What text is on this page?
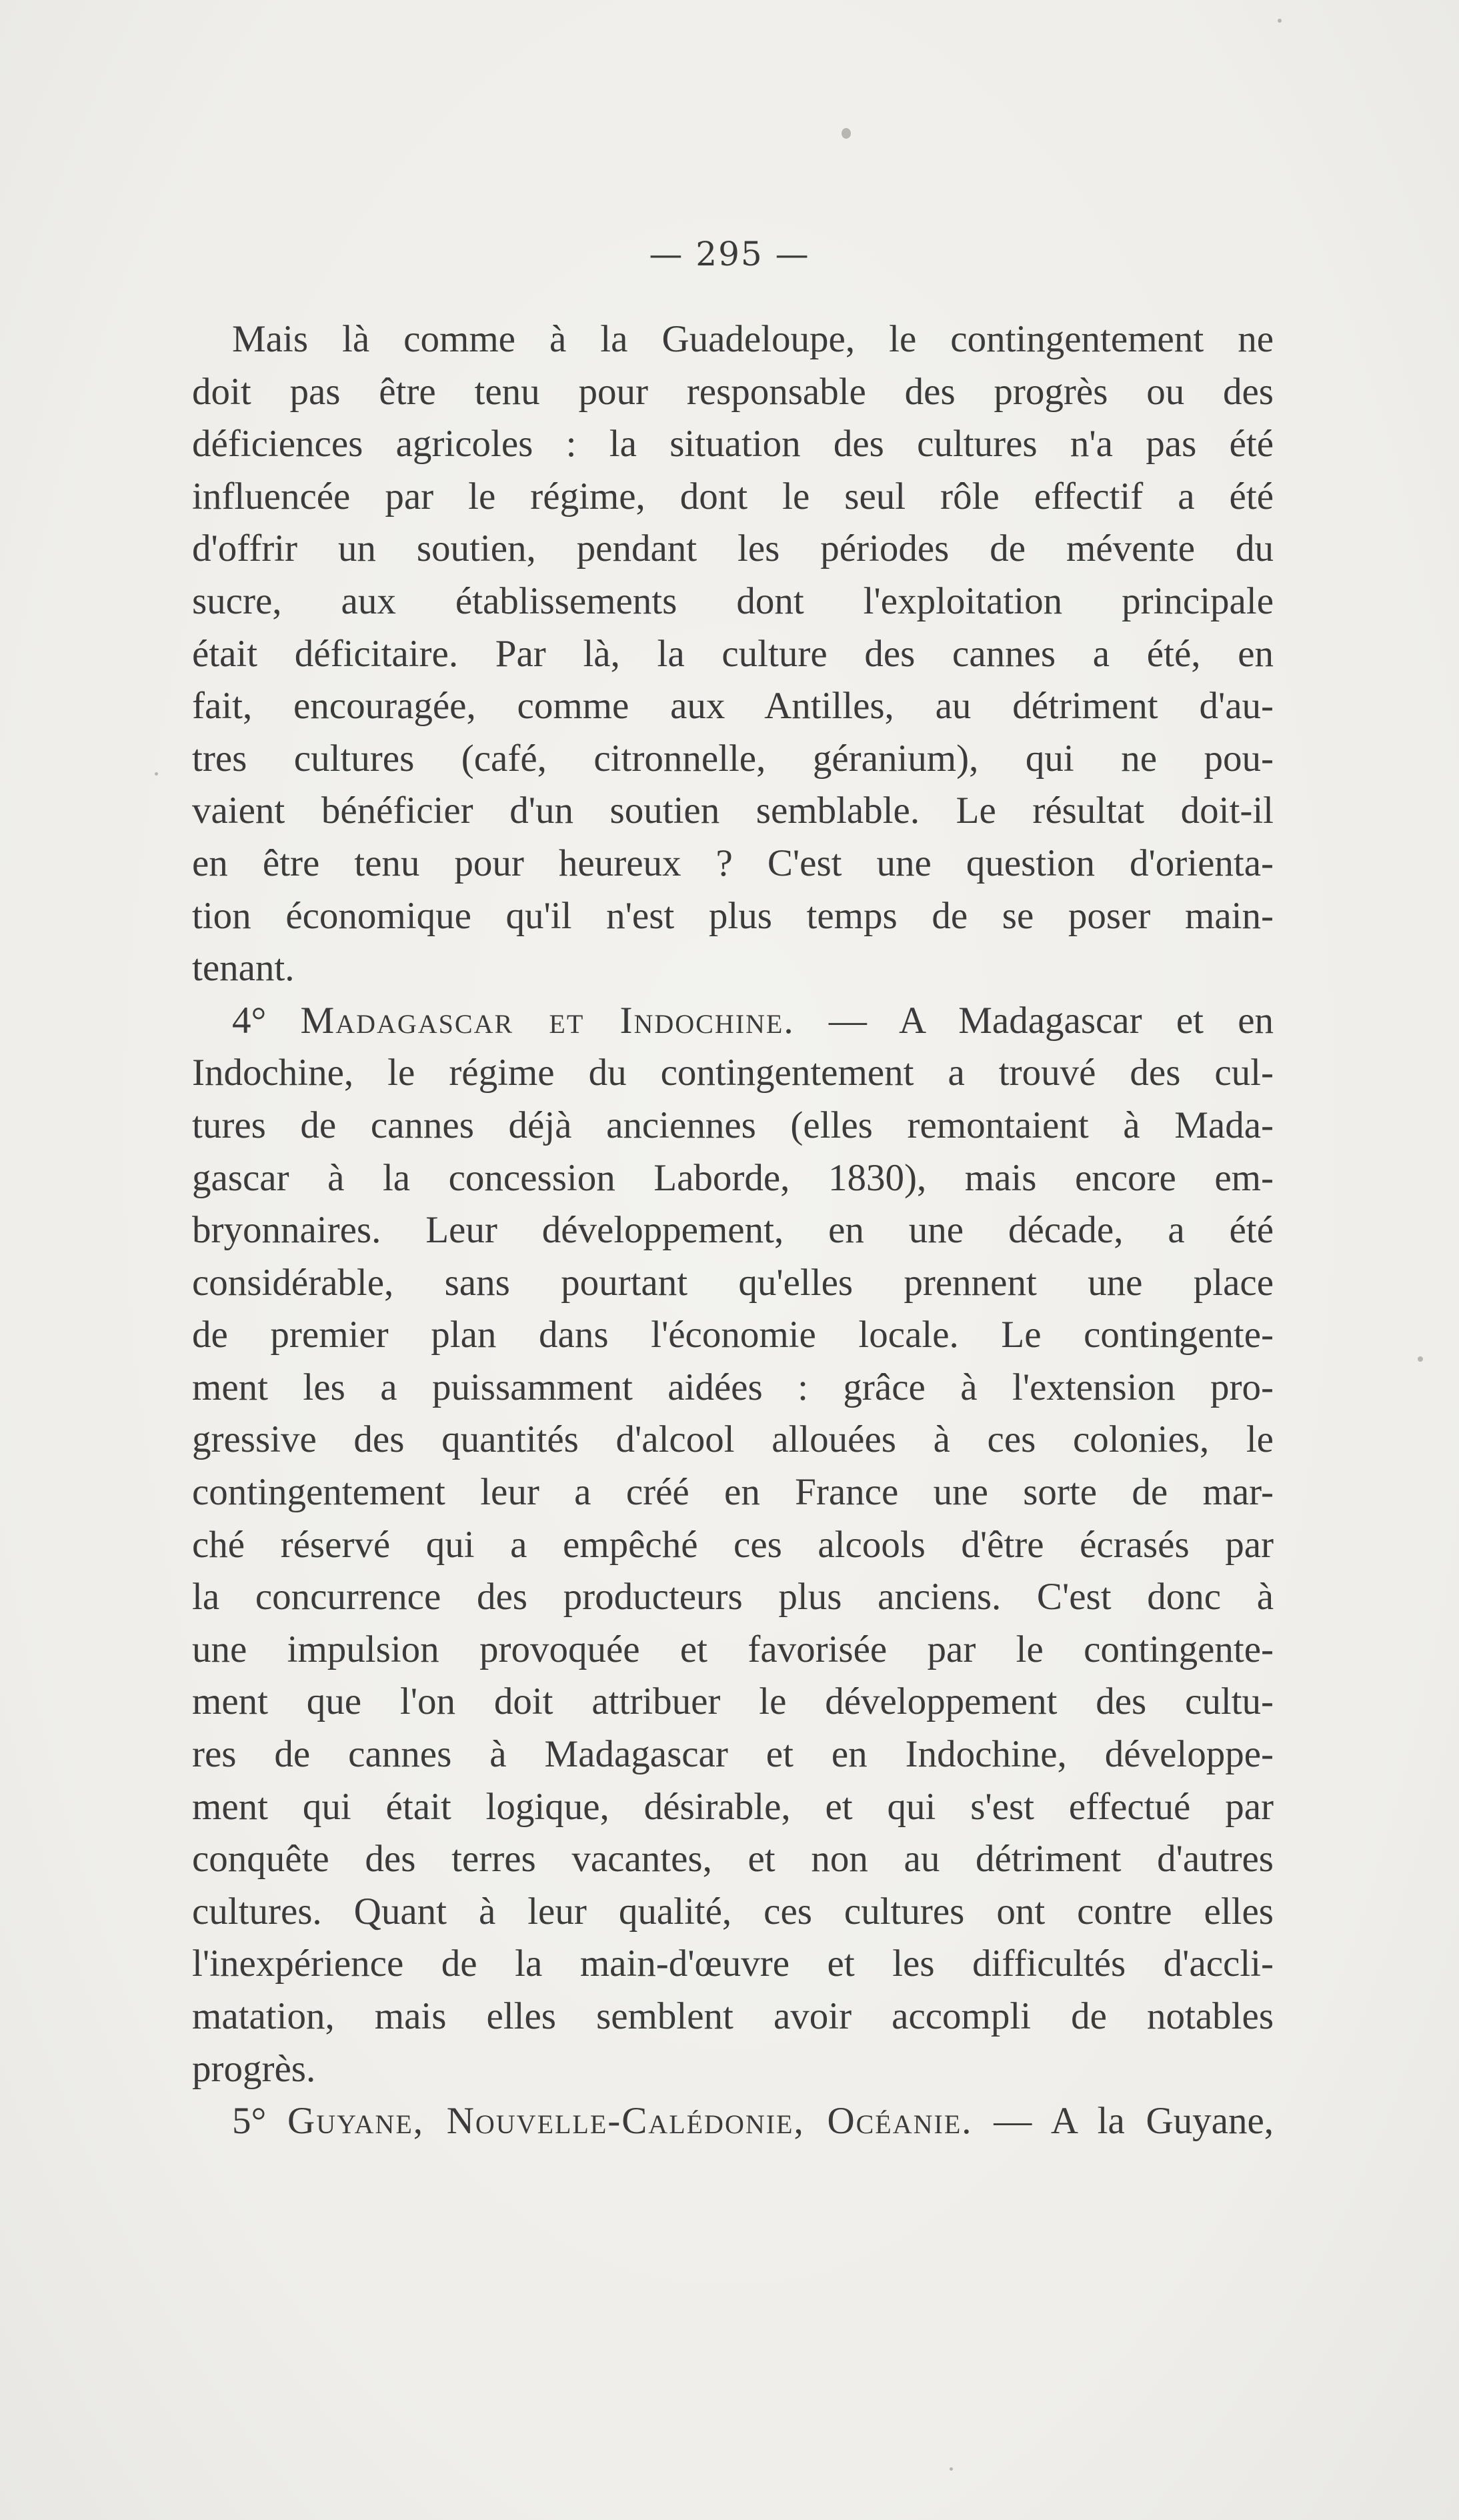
— 295 —
Mais là comme à la Guadeloupe, le contingentement ne
doit pas être tenu pour responsable des progrès ou des
déficiences agricoles : la situation des cultures n'a pas été
influencée par le régime, dont le seul rôle effectif a été
d'offrir un soutien, pendant les périodes de mévente du
sucre, aux établissements dont l'exploitation principale
était déficitaire. Par là, la culture des cannes a été, en
fait, encouragée, comme aux Antilles, au détriment d'au-
tres cultures (café, citronnelle, géranium), qui ne pou-
vaient bénéficier d'un soutien semblable. Le résultat doit-il
en être tenu pour heureux ? C'est une question d'orienta-
tion économique qu'il n'est plus temps de se poser main-
tenant.
4° Madagascar et Indochine. — A Madagascar et en
Indochine, le régime du contingentement a trouvé des cul-
tures de cannes déjà anciennes (elles remontaient à Mada-
gascar à la concession Laborde, 1830), mais encore em-
bryonnaires. Leur développement, en une décade, a été
considérable, sans pourtant qu'elles prennent une place
de premier plan dans l'économie locale. Le contingente-
ment les a puissamment aidées : grâce à l'extension pro-
gressive des quantités d'alcool allouées à ces colonies, le
contingentement leur a créé en France une sorte de mar-
ché réservé qui a empêché ces alcools d'être écrasés par
la concurrence des producteurs plus anciens. C'est donc à
une impulsion provoquée et favorisée par le contingente-
ment que l'on doit attribuer le développement des cultu-
res de cannes à Madagascar et en Indochine, développe-
ment qui était logique, désirable, et qui s'est effectué par
conquête des terres vacantes, et non au détriment d'autres
cultures. Quant à leur qualité, ces cultures ont contre elles
l'inexpérience de la main-d'œuvre et les difficultés d'accli-
matation, mais elles semblent avoir accompli de notables
progrès.
5° Guyane, Nouvelle-Calédonie, Océanie. — A la Guyane,
